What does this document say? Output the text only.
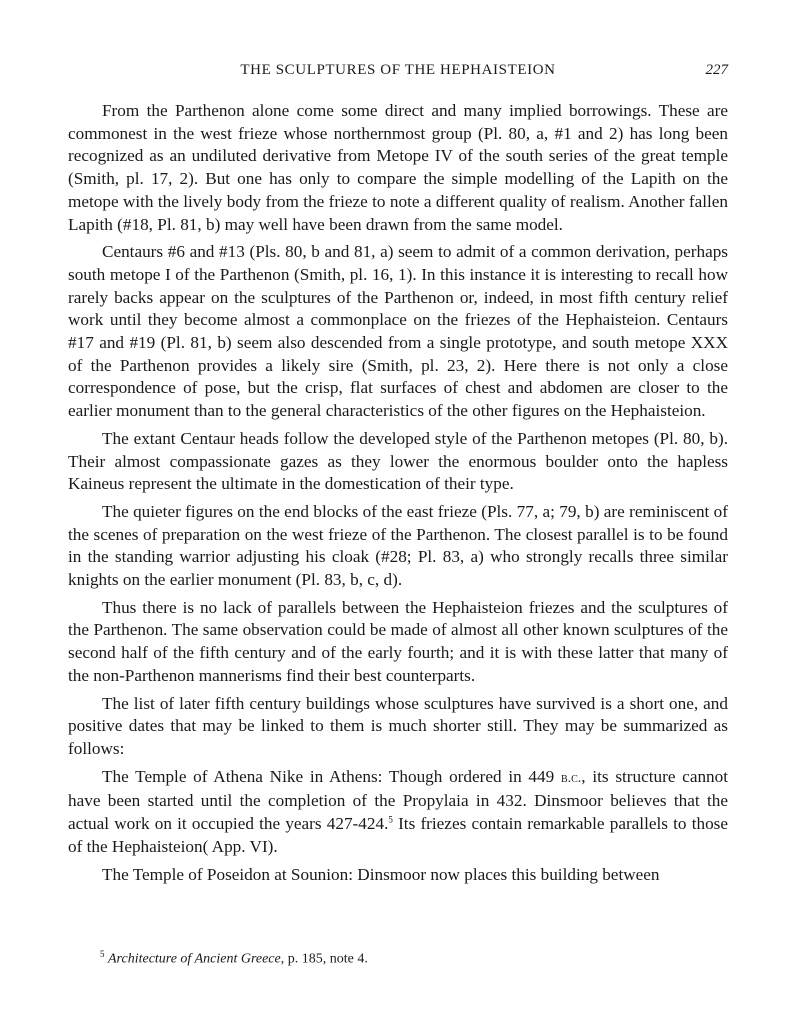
THE SCULPTURES OF THE HEPHAISTEION	227

From the Parthenon alone come some direct and many implied borrowings. These are commonest in the west frieze whose northernmost group (Pl. 80, a, #1 and 2) has long been recognized as an undiluted derivative from Metope IV of the south series of the great temple (Smith, pl. 17, 2). But one has only to compare the simple modelling of the Lapith on the metope with the lively body from the frieze to note a different quality of realism. Another fallen Lapith (#18, Pl. 81, b) may well have been drawn from the same model.

Centaurs #6 and #13 (Pls. 80, b and 81, a) seem to admit of a common derivation, perhaps south metope I of the Parthenon (Smith, pl. 16, 1). In this instance it is interesting to recall how rarely backs appear on the sculptures of the Parthenon or, indeed, in most fifth century relief work until they become almost a commonplace on the friezes of the Hephaisteion. Centaurs #17 and #19 (Pl. 81, b) seem also descended from a single prototype, and south metope XXX of the Parthenon provides a likely sire (Smith, pl. 23, 2). Here there is not only a close correspondence of pose, but the crisp, flat surfaces of chest and abdomen are closer to the earlier monument than to the general characteristics of the other figures on the Hephaisteion.

The extant Centaur heads follow the developed style of the Parthenon metopes (Pl. 80, b). Their almost compassionate gazes as they lower the enormous boulder onto the hapless Kaineus represent the ultimate in the domestication of their type.

The quieter figures on the end blocks of the east frieze (Pls. 77, a; 79, b) are reminiscent of the scenes of preparation on the west frieze of the Parthenon. The closest parallel is to be found in the standing warrior adjusting his cloak (#28; Pl. 83, a) who strongly recalls three similar knights on the earlier monument (Pl. 83, b, c, d).

Thus there is no lack of parallels between the Hephaisteion friezes and the sculptures of the Parthenon. The same observation could be made of almost all other known sculptures of the second half of the fifth century and of the early fourth; and it is with these latter that many of the non-Parthenon mannerisms find their best counterparts.

The list of later fifth century buildings whose sculptures have survived is a short one, and positive dates that may be linked to them is much shorter still. They may be summarized as follows:

The Temple of Athena Nike in Athens: Though ordered in 449 b.c., its structure cannot have been started until the completion of the Propylaia in 432. Dinsmoor believes that the actual work on it occupied the years 427-424.$^5$ Its friezes contain remarkable parallels to those of the Hephaisteion( App. VI).

The Temple of Poseidon at Sounion: Dinsmoor now places this building between

$^5$ Architecture of Ancient Greece, p. 185, note 4.
